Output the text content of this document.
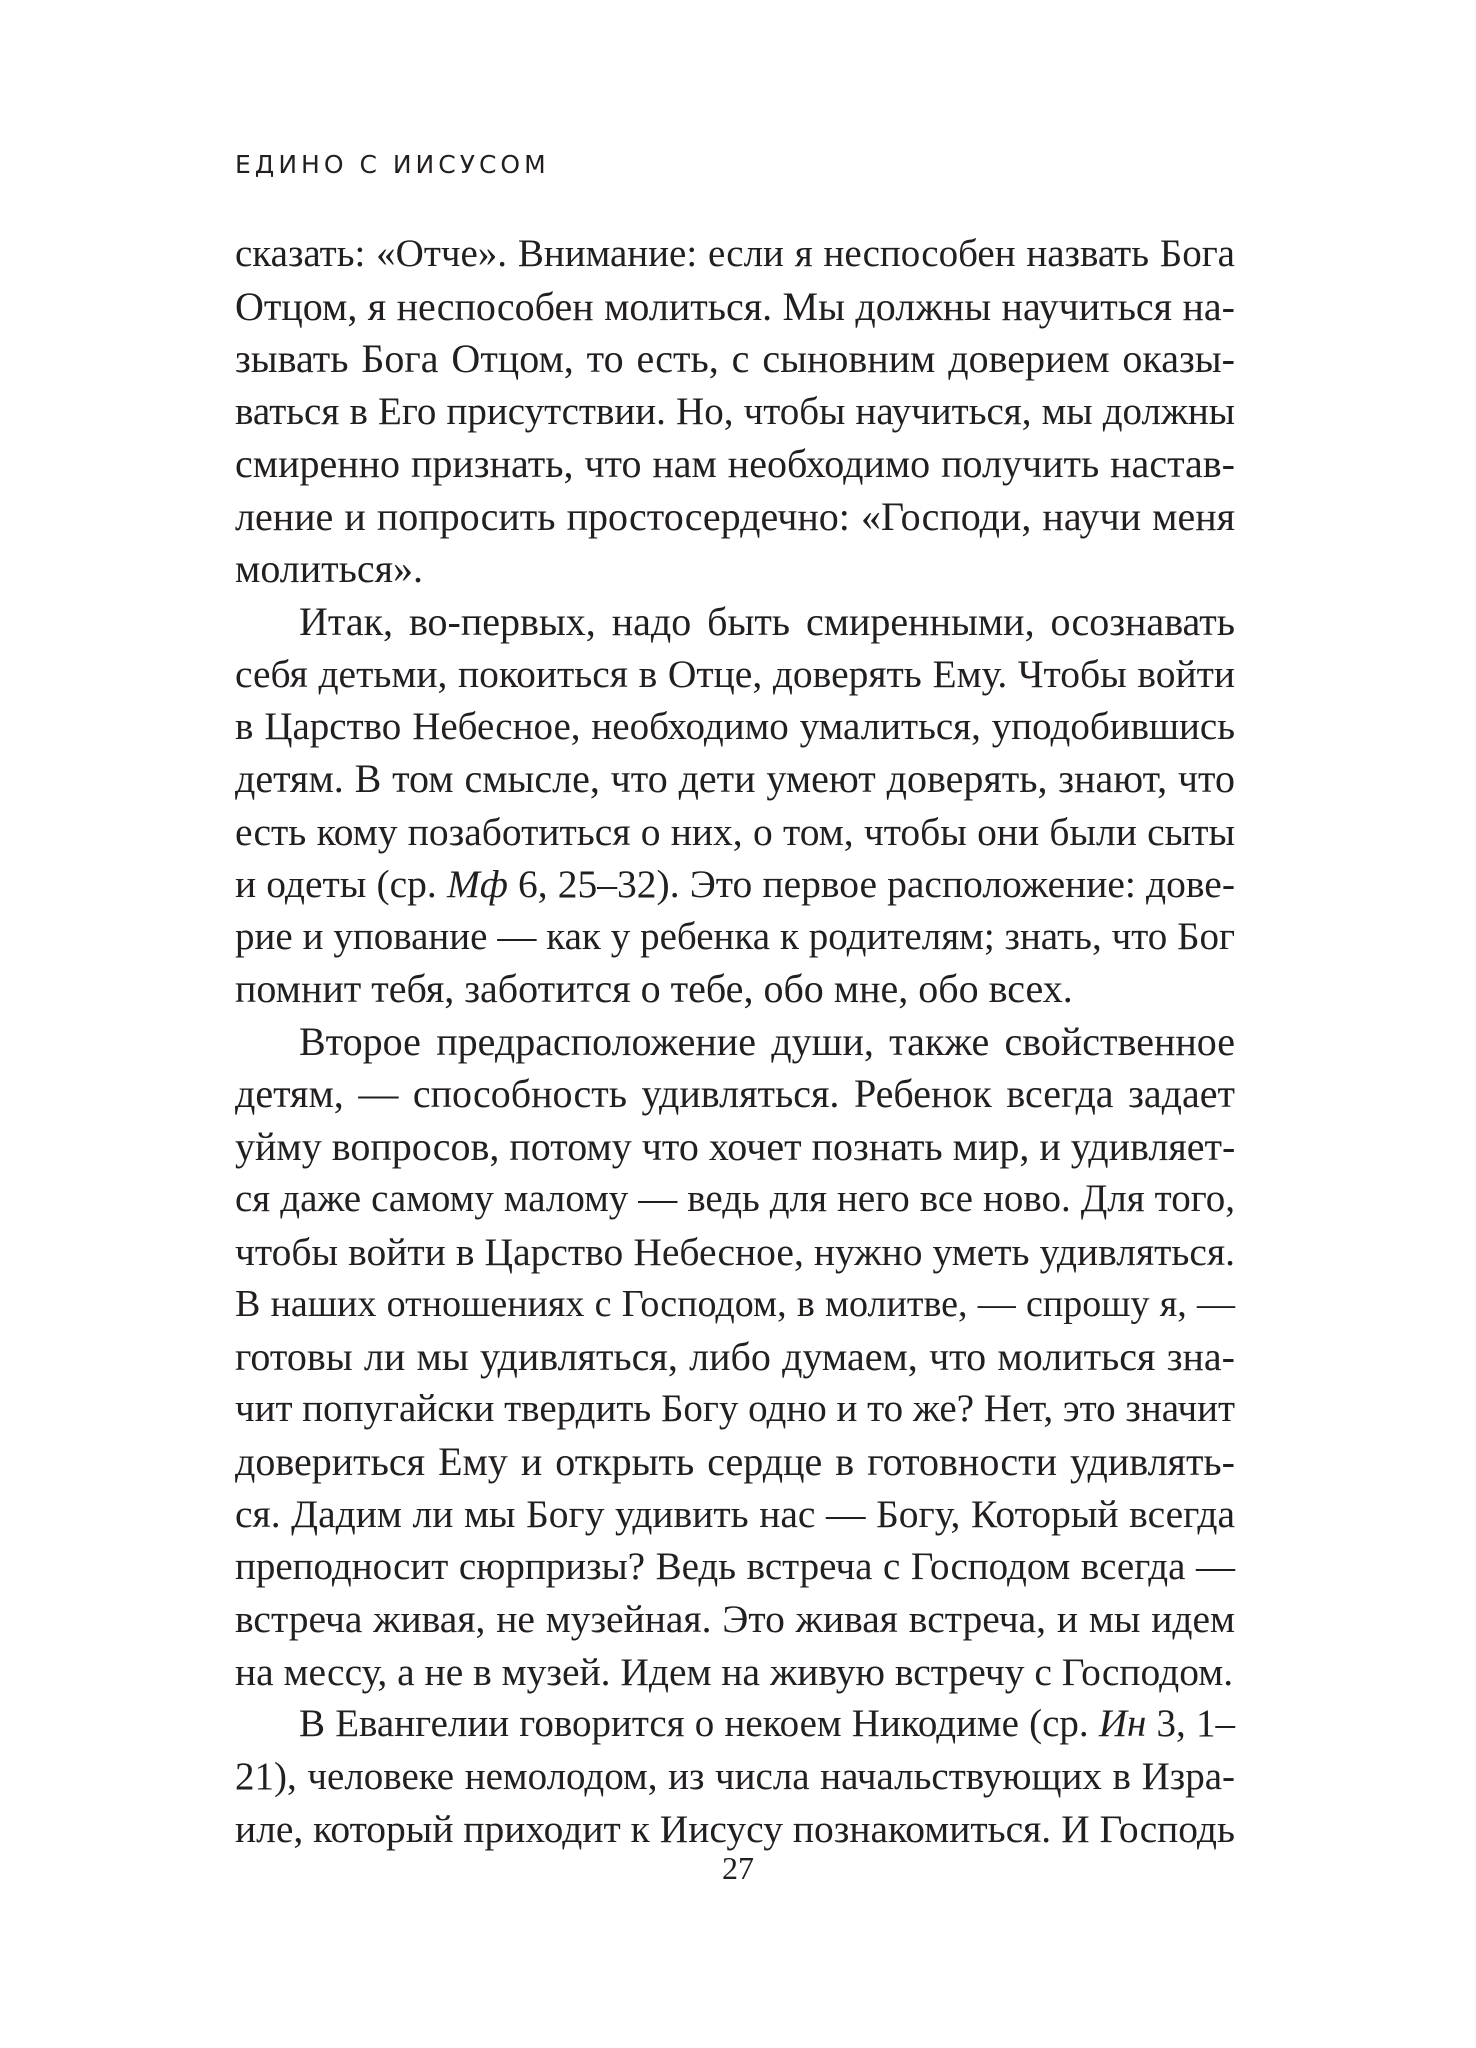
ЕДИНО С ИИСУСОМ
сказать: «Отче». Внимание: если я неспособен назвать Бога
Отцом, я неспособен молиться. Мы должны научиться на-
зывать Бога Отцом, то есть, с сыновним доверием оказы-
ваться в Его присутствии. Но, чтобы научиться, мы должны
смиренно признать, что нам необходимо получить настав-
ление и попросить простосердечно: «Господи, научи меня
молиться».
Итак, во-первых, надо быть смиренными, осознавать
себя детьми, покоиться в Отце, доверять Ему. Чтобы войти
в Царство Небесное, необходимо умалиться, уподобившись
детям. В том смысле, что дети умеют доверять, знают, что
есть кому позаботиться о них, о том, чтобы они были сыты
и одеты (ср. Мф 6, 25–32). Это первое расположение: дове-
рие и упование — как у ребенка к родителям; знать, что Бог
помнит тебя, заботится о тебе, обо мне, обо всех.
Второе предрасположение души, также свойственное
детям, — способность удивляться. Ребенок всегда задает
уйму вопросов, потому что хочет познать мир, и удивляет-
ся даже самому малому — ведь для него все ново. Для того,
чтобы войти в Царство Небесное, нужно уметь удивляться.
В наших отношениях с Господом, в молитве, — спрошу я, —
готовы ли мы удивляться, либо думаем, что молиться зна-
чит попугайски твердить Богу одно и то же? Нет, это значит
довериться Ему и открыть сердце в готовности удивлять-
ся. Дадим ли мы Богу удивить нас — Богу, Который всегда
преподносит сюрпризы? Ведь встреча с Господом всегда —
встреча живая, не музейная. Это живая встреча, и мы идем
на мессу, а не в музей. Идем на живую встречу с Господом.
В Евангелии говорится о некоем Никодиме (ср. Ин 3, 1–
21), человеке немолодом, из числа начальствующих в Изра-
иле, который приходит к Иисусу познакомиться. И Господь
27
